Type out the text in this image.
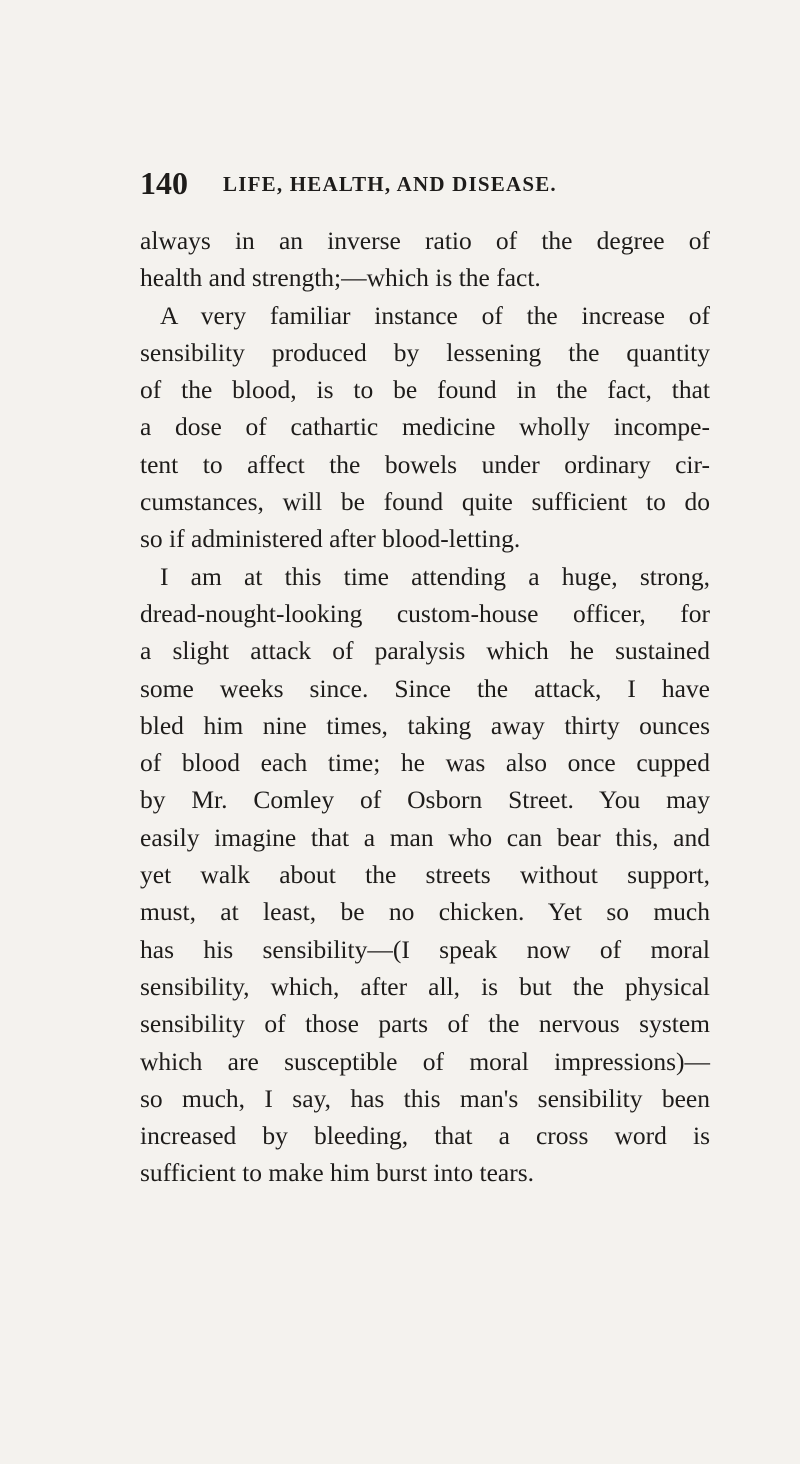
140 LIFE, HEALTH, AND DISEASE.
always in an inverse ratio of the degree of
health and strength;—which is the fact.
A very familiar instance of the increase of
sensibility produced by lessening the quantity
of the blood, is to be found in the fact, that
a dose of cathartic medicine wholly incompe-
tent to affect the bowels under ordinary cir-
cumstances, will be found quite sufficient to do
so if administered after blood-letting.
I am at this time attending a huge, strong,
dread-nought-looking custom-house officer, for
a slight attack of paralysis which he sustained
some weeks since. Since the attack, I have
bled him nine times, taking away thirty ounces
of blood each time; he was also once cupped
by Mr. Comley of Osborn Street. You may
easily imagine that a man who can bear this, and
yet walk about the streets without support,
must, at least, be no chicken. Yet so much
has his sensibility—(I speak now of moral
sensibility, which, after all, is but the physical
sensibility of those parts of the nervous system
which are susceptible of moral impressions)—
so much, I say, has this man's sensibility been
increased by bleeding, that a cross word is
sufficient to make him burst into tears.
